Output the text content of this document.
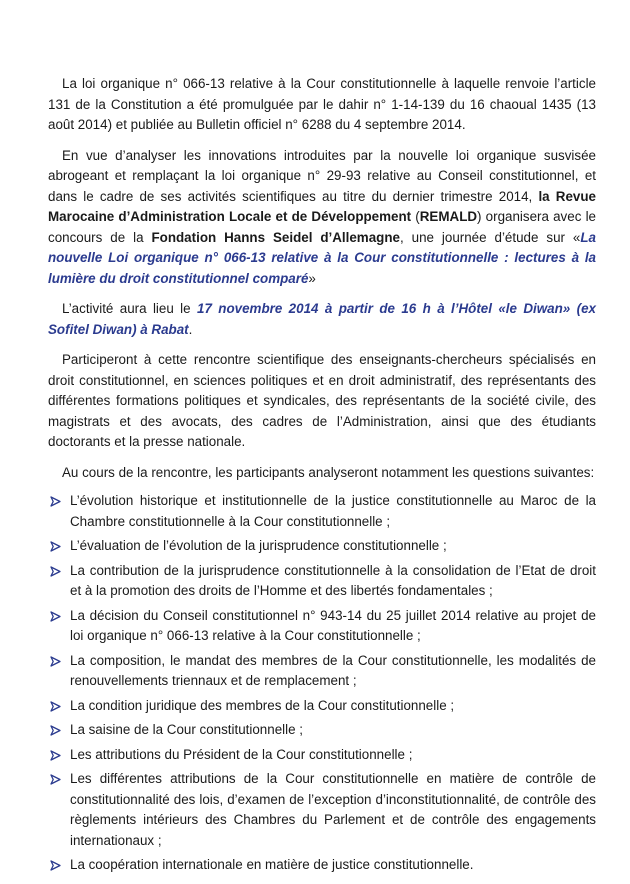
La loi organique n° 066-13 relative à la Cour constitutionnelle à laquelle renvoie l’article 131 de la Constitution a été promulguée par le dahir n° 1-14-139 du 16 chaoual 1435 (13 août 2014) et publiée au Bulletin officiel n° 6288 du 4 septembre 2014.

En vue d’analyser les innovations introduites par la nouvelle loi organique susvisée abrogeant et remplaçant la loi organique n° 29-93 relative au Conseil constitutionnel, et dans le cadre de ses activités scientifiques au titre du dernier trimestre 2014, la Revue Marocaine d’Administration Locale et de Développement (REMALD) organisera avec le concours de la Fondation Hanns Seidel d’Allemagne, une journée d’étude sur «La nouvelle Loi organique n° 066-13 relative à la Cour constitutionnelle : lectures à la lumière du droit constitutionnel comparé»

L’activité aura lieu le 17 novembre 2014 à partir de 16 h à l’Hôtel «le Diwan» (ex Sofitel Diwan) à Rabat.

Participeront à cette rencontre scientifique des enseignants-chercheurs spécialisés en droit constitutionnel, en sciences politiques et en droit administratif, des représentants des différentes formations politiques et syndicales, des représentants de la société civile, des magistrats et des avocats, des cadres de l’Administration, ainsi que des étudiants doctorants et la presse nationale.

Au cours de la rencontre, les participants analyseront notamment les questions suivantes:

L’évolution historique et institutionnelle de la justice constitutionnelle au Maroc de la Chambre constitutionnelle à la Cour constitutionnelle ;
L’évaluation de l’évolution de la jurisprudence constitutionnelle ;
La contribution de la jurisprudence constitutionnelle à la consolidation de l’Etat de droit et à la promotion des droits de l’Homme et des libertés fondamentales ;
La décision du Conseil constitutionnel n° 943-14 du 25 juillet 2014 relative au projet de loi organique n° 066-13 relative à la Cour constitutionnelle ;
La composition, le mandat des membres de la Cour constitutionnelle, les modalités de renouvellements triennaux et de remplacement ;
La condition juridique des membres de la Cour constitutionnelle ;
La saisine de la Cour constitutionnelle ;
Les attributions du Président de la Cour constitutionnelle ;
Les différentes attributions de la Cour constitutionnelle en matière de contrôle de constitutionnalité des lois, d’examen de l’exception d’inconstitutionnalité, de contrôle des règlements intérieurs des Chambres du Parlement et de contrôle des engagements internationaux ;
La coopération internationale en matière de justice constitutionnelle.
